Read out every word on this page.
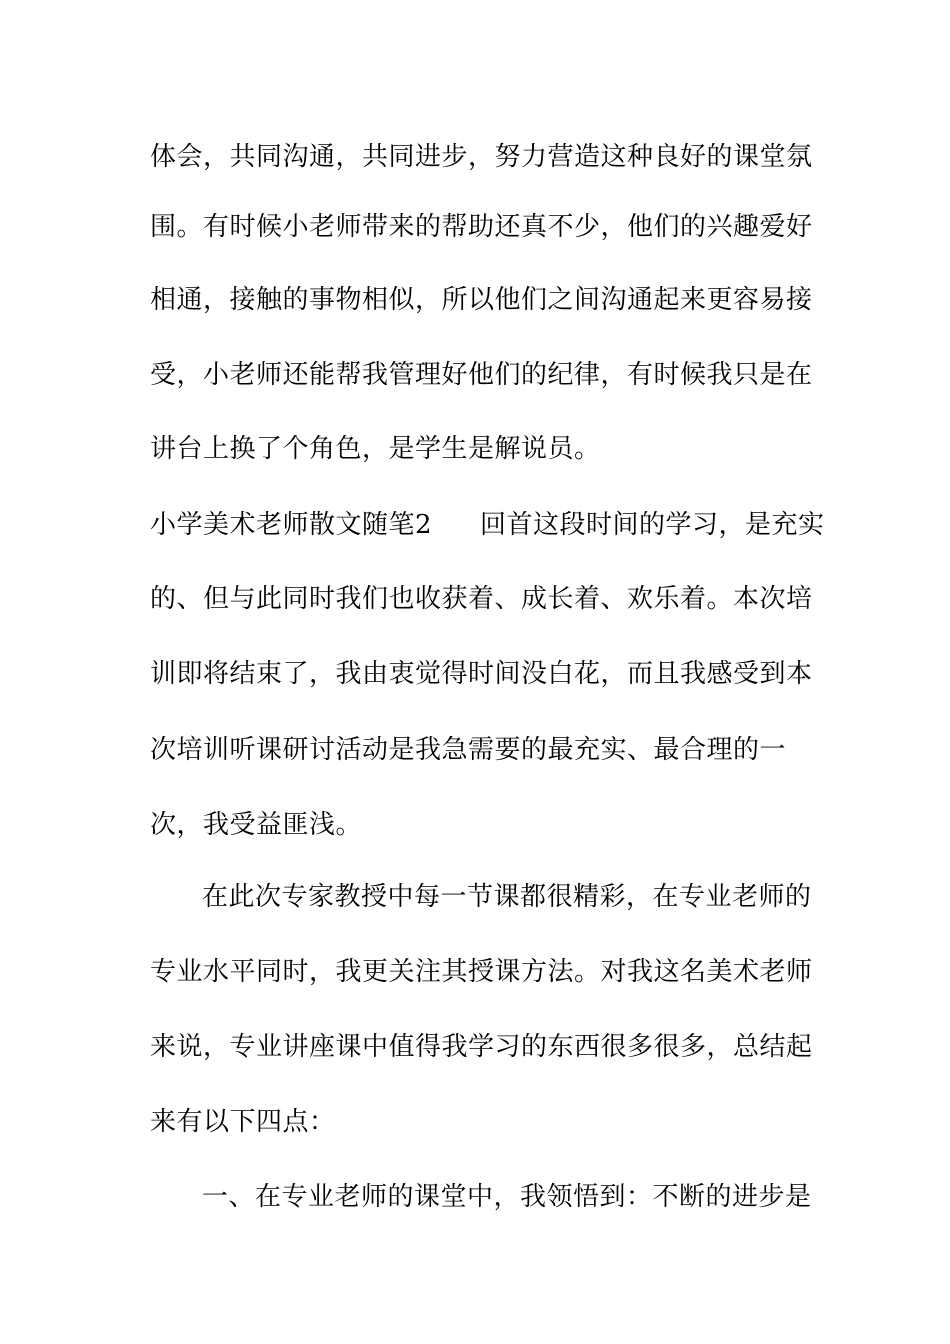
体会，共同沟通，共同进步，努力营造这种良好的课堂氛
围。有时候小老师带来的帮助还真不少，他们的兴趣爱好
相通，接触的事物相似，所以他们之间沟通起来更容易接
受，小老师还能帮我管理好他们的纪律，有时候我只是在
讲台上换了个角色，是学生是解说员。
小学美术老师散文随笔2 回首这段时间的学习，是充实
的、但与此同时我们也收获着、成长着、欢乐着。本次培
训即将结束了，我由衷觉得时间没白花，而且我感受到本
次培训听课研讨活动是我急需要的最充实、最合理的一
次，我受益匪浅。
在此次专家教授中每一节课都很精彩，在专业老师的
专业水平同时，我更关注其授课方法。对我这名美术老师
来说，专业讲座课中值得我学习的东西很多很多，总结起
来有以下四点：
一、在专业老师的课堂中，我领悟到：不断的进步是
